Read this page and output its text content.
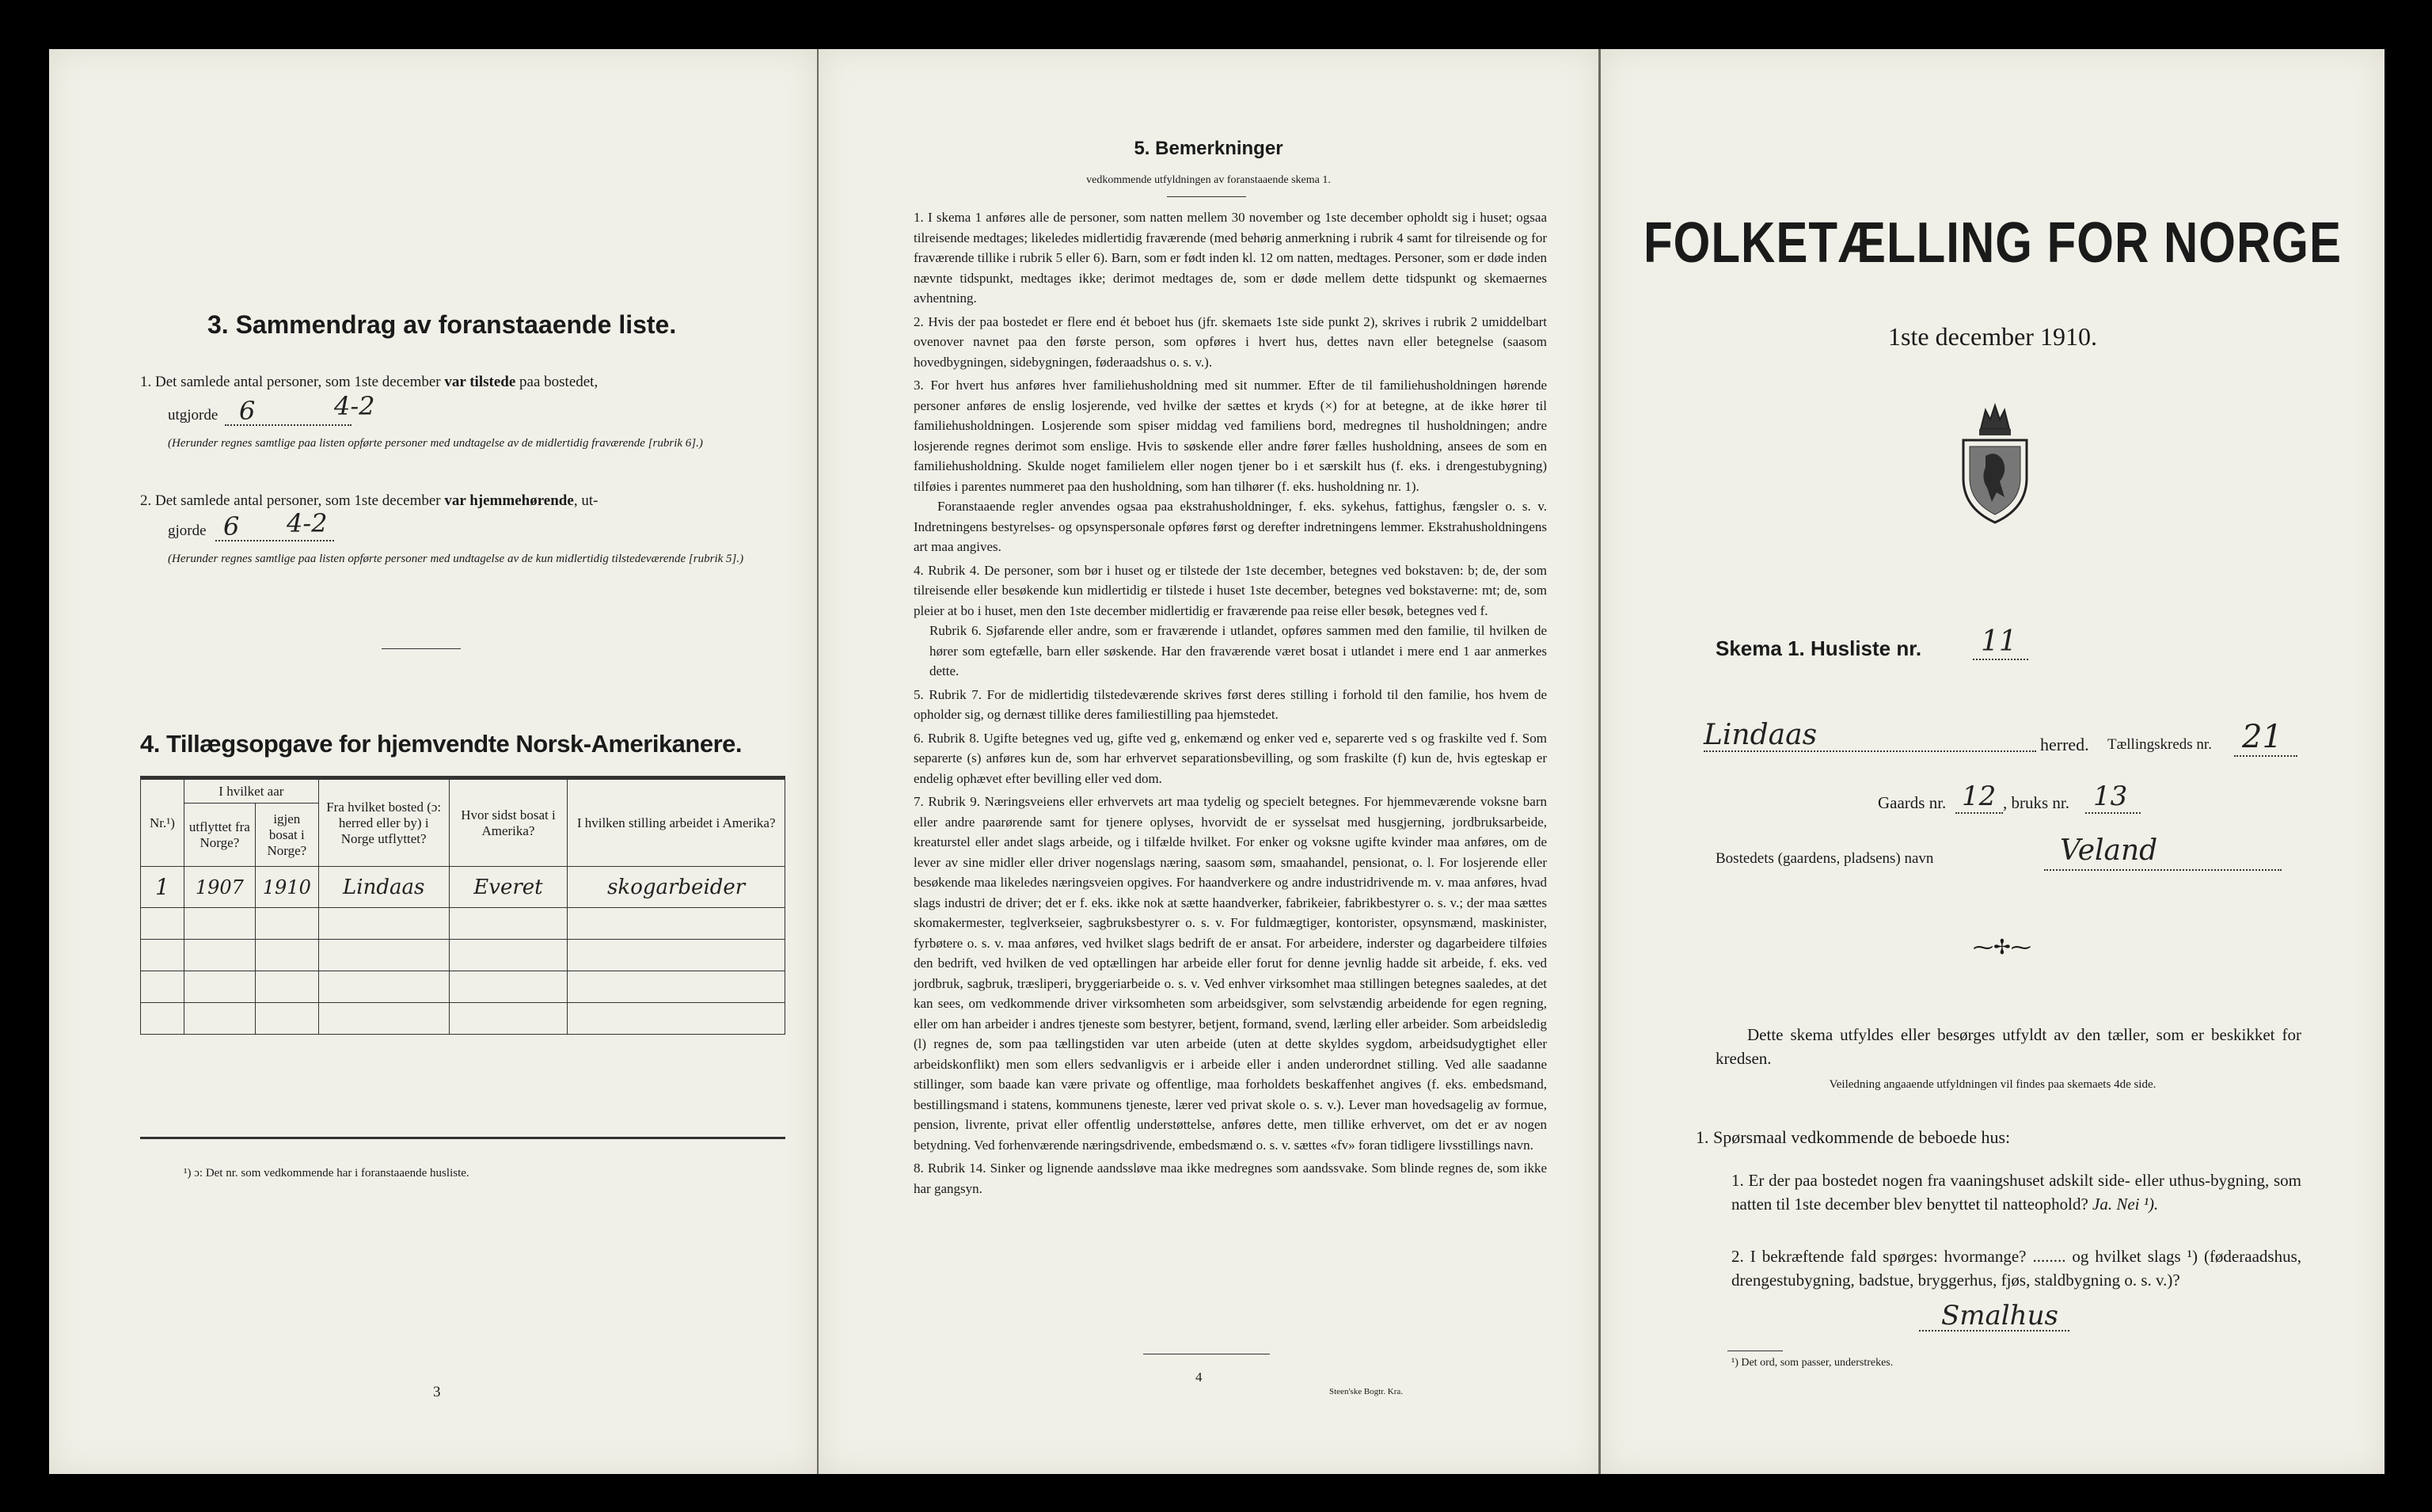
3. Sammendrag av foranstaaende liste.
1. Det samlede antal personer, som 1ste december var tilstede paa bostedet,
utgjorde 6	4-2
(Herunder regnes samtlige paa listen opførte personer med undtagelse av de midlertidig fraværende [rubrik 6].)
2. Det samlede antal personer, som 1ste december var hjemmehørende, ut-
gjorde 6 4-2
(Herunder regnes samtlige paa listen opførte personer med undtagelse av de kun midlertidig tilstedeværende [rubrik 5].)
4. Tillægsopgave for hjemvendte Norsk-Amerikanere.
Nr.¹)	I hvilket aar		Fra hvilket bosted (ɔ: herred eller by) i Norge utflyttet?	Hvor sidst bosat i Amerika?	I hvilken stilling arbeidet i Amerika?
	utflyttet fra Norge?	igjen bosat i Norge?			
1	1907	1910	Lindaas	Everet	skogarbeider

¹) ɔ: Det nr. som vedkommende har i foranstaaende husliste.
3
5. Bemerkninger
vedkommende utfyldningen av foranstaaende skema 1.
1. I skema 1 anføres alle de personer, som natten mellem 30 november og 1ste december opholdt sig i huset; ogsaa tilreisende medtages; likeledes midlertidig fraværende (med behørig anmerkning i rubrik 4 samt for tilreisende og for fraværende tillike i rubrik 5 eller 6). Barn, som er født inden kl. 12 om natten, medtages. Personer, som er døde inden nævnte tidspunkt, medtages ikke; derimot medtages de, som er døde mellem dette tidspunkt og skemaernes avhentning.
2. Hvis der paa bostedet er flere end ét beboet hus (jfr. skemaets 1ste side punkt 2), skrives i rubrik 2 umiddelbart ovenover navnet paa den første person, som opføres i hvert hus, dettes navn eller betegnelse (saasom hovedbygningen, sidebygningen, føderaadshus o. s. v.).
3. For hvert hus anføres hver familiehusholdning med sit nummer. Efter de til familiehusholdningen hørende personer anføres de enslig losjerende, ved hvilke der sættes et kryds (×) for at betegne, at de ikke hører til familiehusholdningen. Losjerende som spiser middag ved familiens bord, medregnes til husholdningen; andre losjerende regnes derimot som enslige. Hvis to søskende eller andre fører fælles husholdning, ansees de som en familiehusholdning. Skulde noget familielem eller nogen tjener bo i et særskilt hus (f. eks. i drengestubygning) tilføies i parentes nummeret paa den husholdning, som han tilhører (f. eks. husholdning nr. 1).
Foranstaaende regler anvendes ogsaa paa ekstrahusholdninger, f. eks. sykehus, fattighus, fængsler o. s. v. Indretningens bestyrelses- og opsynspersonale opføres først og derefter indretningens lemmer. Ekstrahusholdningens art maa angives.
4. Rubrik 4. De personer, som bør i huset og er tilstede der 1ste december, betegnes ved bokstaven: b; de, der som tilreisende eller besøkende kun midlertidig er tilstede i huset 1ste december, betegnes ved bokstaverne: mt; de, som pleier at bo i huset, men den 1ste december midlertidig er fraværende paa reise eller besøk, betegnes ved f.
Rubrik 6. Sjøfarende eller andre, som er fraværende i utlandet, opføres sammen med den familie, til hvilken de hører som egtefælle, barn eller søskende. Har den fraværende været bosat i utlandet i mere end 1 aar anmerkes dette.
5. Rubrik 7. For de midlertidig tilstedeværende skrives først deres stilling i forhold til den familie, hos hvem de opholder sig, og dernæst tillike deres familiestilling paa hjemstedet.
6. Rubrik 8. Ugifte betegnes ved ug, gifte ved g, enkemænd og enker ved e, separerte ved s og fraskilte ved f. Som separerte (s) anføres kun de, som har erhvervet separationsbevilling, og som fraskilte (f) kun de, hvis egteskap er endelig ophævet efter bevilling eller ved dom.
7. Rubrik 9. Næringsveiens eller erhvervets art maa tydelig og specielt betegnes. For hjemmeværende voksne barn eller andre paarørende samt for tjenere oplyses, hvorvidt de er sysselsat med husgjerning, jordbruksarbeide, kreaturstel eller andet slags arbeide, og i tilfælde hvilket. For enker og voksne ugifte kvinder maa anføres, om de lever av sine midler eller driver nogenslags næring, saasom søm, smaahandel, pensionat, o. l. For losjerende eller besøkende maa likeledes næringsveien opgives. For haandverkere og andre industridrivende m. v. maa anføres, hvad slags industri de driver; det er f. eks. ikke nok at sætte haandverker, fabrikeier, fabrikbestyrer o. s. v.; der maa sættes skomakermester, teglverkseier, sagbruksbestyrer o. s. v. For fuldmægtiger, kontorister, opsynsmænd, maskinister, fyrbøtere o. s. v. maa anføres, ved hvilket slags bedrift de er ansat. For arbeidere, inderster og dagarbeidere tilføies den bedrift, ved hvilken de ved optællingen har arbeide eller forut for denne jevnlig hadde sit arbeide, f. eks. ved jordbruk, sagbruk, træsliperi, bryggeriarbeide o. s. v. Ved enhver virksomhet maa stillingen betegnes saaledes, at det kan sees, om vedkommende driver virksomheten som arbeidsgiver, som selvstændig arbeidende for egen regning, eller om han arbeider i andres tjeneste som bestyrer, betjent, formand, svend, lærling eller arbeider. Som arbeidsledig (l) regnes de, som paa tællingstiden var uten arbeide (uten at dette skyldes sygdom, arbeidsudygtighet eller arbeidskonflikt) men som ellers sedvanligvis er i arbeide eller i anden underordnet stilling. Ved alle saadanne stillinger, som baade kan være private og offentlige, maa forholdets beskaffenhet angives (f. eks. embedsmand, bestillingsmand i statens, kommunens tjeneste, lærer ved privat skole o. s. v.). Lever man hovedsagelig av formue, pension, livrente, privat eller offentlig understøttelse, anføres dette, men tillike erhvervet, om det er av nogen betydning. Ved forhenværende næringsdrivende, embedsmænd o. s. v. sættes «fv» foran tidligere livsstillings navn.
8. Rubrik 14. Sinker og lignende aandssløve maa ikke medregnes som aandssvake. Som blinde regnes de, som ikke har gangsyn.
4
Steen'ske Bogtr. Kra.
FOLKETÆLLING FOR NORGE
1ste december 1910.
Skema 1. Husliste nr. 11
Lindaas	herred. Tællingskreds nr. 21
Gaards nr. 12 , bruks nr. 13
Bostedets (gaardens, pladsens) navn	Veland
⁓✢⁓
Dette skema utfyldes eller besørges utfyldt av den tæller, som er beskikket for kredsen.
Veiledning angaaende utfyldningen vil findes paa skemaets 4de side.
1. Spørsmaal vedkommende de beboede hus:
1. Er der paa bostedet nogen fra vaaningshuset adskilt side- eller uthus-bygning, som natten til 1ste december blev benyttet til natteophold? Ja. Nei ¹).
2. I bekræftende fald spørges: hvormange? ........ og hvilket slags ¹) (føderaadshus, drengestubygning, badstue, bryggerhus, fjøs, staldbygning o. s. v.)?
Smalhus
¹) Det ord, som passer, understrekes.
